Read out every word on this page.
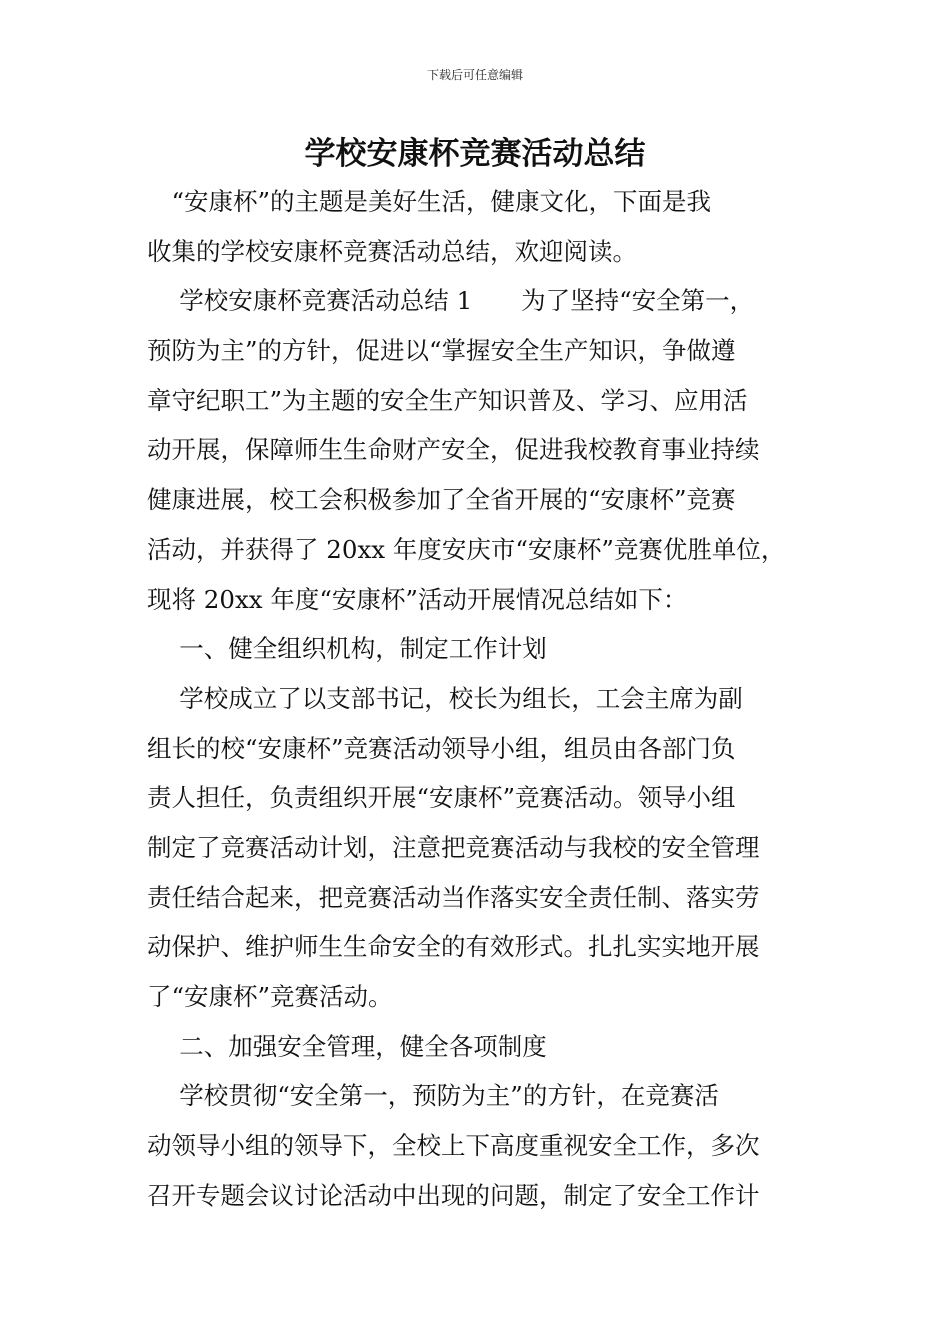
下载后可任意编辑
学校安康杯竞赛活动总结
　“安康杯”的主题是美好生活，健康文化，下面是我
收集的学校安康杯竞赛活动总结，欢迎阅读。
　 学校安康杯竞赛活动总结 1　　为了坚持“安全第一，
预防为主”的方针，促进以“掌握安全生产知识，争做遵
章守纪职工”为主题的安全生产知识普及、学习、应用活
动开展，保障师生生命财产安全，促进我校教育事业持续
健康进展，校工会积极参加了全省开展的“安康杯”竞赛
活动，并获得了 20xx 年度安庆市“安康杯”竞赛优胜单位，
现将 20xx 年度“安康杯”活动开展情况总结如下：
　 一、健全组织机构，制定工作计划
　 学校成立了以支部书记，校长为组长，工会主席为副
组长的校“安康杯”竞赛活动领导小组，组员由各部门负
责人担任，负责组织开展“安康杯”竞赛活动。领导小组
制定了竞赛活动计划，注意把竞赛活动与我校的安全管理
责任结合起来，把竞赛活动当作落实安全责任制、落实劳
动保护、维护师生生命安全的有效形式。扎扎实实地开展
了“安康杯”竞赛活动。
　 二、加强安全管理，健全各项制度
　 学校贯彻“安全第一，预防为主”的方针，在竞赛活
动领导小组的领导下，全校上下高度重视安全工作，多次
召开专题会议讨论活动中出现的问题，制定了安全工作计
